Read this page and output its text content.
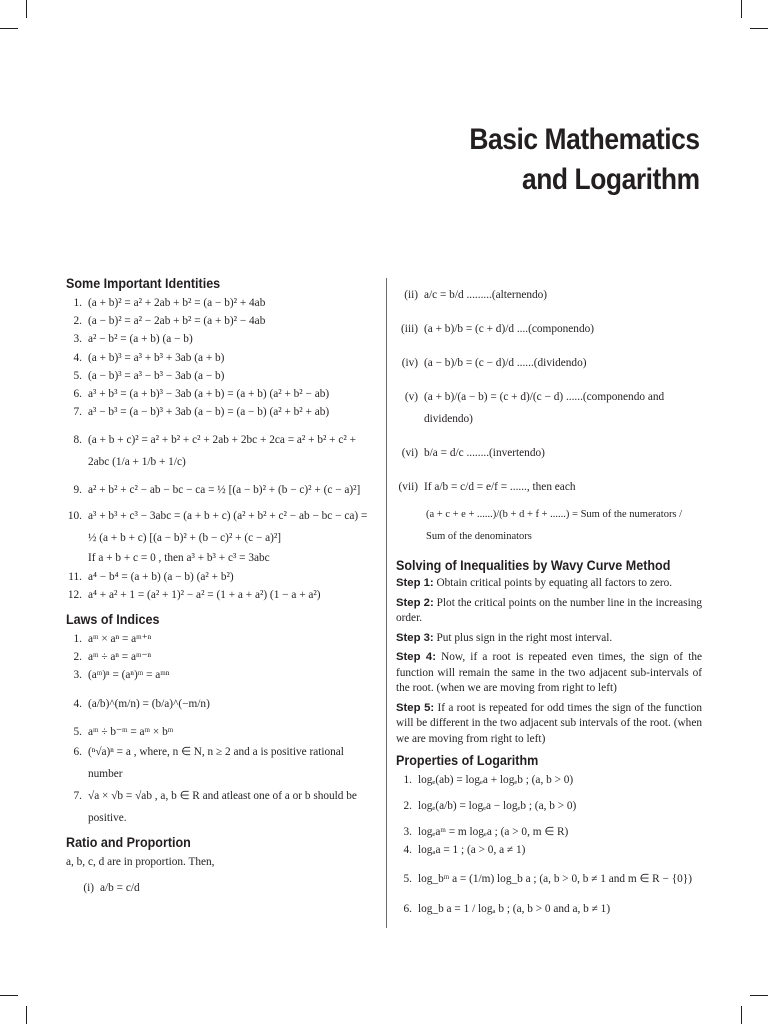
Basic Mathematics
and Logarithm
Some Important Identities
1. (a + b)² = a² + 2ab + b² = (a − b)² + 4ab
2. (a − b)² = a² − 2ab + b² = (a + b)² − 4ab
3. a² − b² = (a + b) (a − b)
4. (a + b)³ = a³ + b³ + 3ab (a + b)
5. (a − b)³ = a³ − b³ − 3ab (a − b)
6. a³ + b³ = (a + b)³ − 3ab (a + b) = (a + b) (a² + b² − ab)
7. a³ − b³ = (a − b)³ + 3ab (a − b) = (a − b) (a² + b² + ab)
8. (a + b + c)² = a² + b² + c² + 2ab + 2bc + 2ca = a² + b² + c² + 2abc (1/a + 1/b + 1/c)
9. a² + b² + c² − ab − bc − ca = ½ [(a − b)² + (b − c)² + (c − a)²]
10. a³ + b³ + c³ − 3abc = (a + b + c) (a² + b² + c² − ab − bc − ca) = ½ (a + b + c) [(a − b)² + (b − c)² + (c − a)²]
If a + b + c = 0 , then a³ + b³ + c³ = 3abc
11. a⁴ − b⁴ = (a + b) (a − b) (a² + b²)
12. a⁴ + a² + 1 = (a² + 1)² − a² = (1 + a + a²) (1 − a + a²)
Laws of Indices
1. aᵐ × aⁿ = aᵐ⁺ⁿ
2. aᵐ ÷ aⁿ = aᵐ⁻ⁿ
3. (aᵐ)ⁿ = (aⁿ)ᵐ = aᵐⁿ
4. (a/b)^(m/n) = (b/a)^(−m/n)
5. aᵐ ÷ b⁻ᵐ = aᵐ × bᵐ
6. (ⁿ√a)ⁿ = a , where, n ∈ N, n ≥ 2 and a is positive rational number
7. √a × √b = √ab , a, b ∈ R and atleast one of a or b should be positive.
Ratio and Proportion
a, b, c, d are in proportion. Then,
(i) a/b = c/d
(ii) a/c = b/d .........(alternendo)
(iii) (a + b)/b = (c + d)/d ....(componendo)
(iv) (a − b)/b = (c − d)/d ......(dividendo)
(v) (a + b)/(a − b) = (c + d)/(c − d) ......(componendo and dividendo)
(vi) b/a = d/c ........(invertendo)
(vii) If a/b = c/d = e/f = ......, then each
(a + c + e + ......)/(b + d + f + ......) = Sum of the numerators / Sum of the denominators
Solving of Inequalities by Wavy Curve Method

Step 1: Obtain critical points by equating all factors to zero.

Step 2: Plot the critical points on the number line in the increasing order.

Step 3: Put plus sign in the right most interval.

Step 4: Now, if a root is repeated even times, the sign of the function will remain the same in the two adjacent sub-intervals of the root. (when we are moving from right to left)

Step 5: If a root is repeated for odd times the sign of the function will be different in the two adjacent sub intervals of the root. (when we are moving from right to left)

Properties of Logarithm
1. logₑ(ab) = logₑa + logₑb ; (a, b > 0)
2. logₑ(a/b) = logₑa − logₑb ; (a, b > 0)
3. logₑaᵐ = m logₑa ; (a > 0, m ∈ R)
4. logₐa = 1 ; (a > 0, a ≠ 1)
5. log_bᵐ a = (1/m) log_b a ; (a, b > 0, b ≠ 1 and m ∈ R − {0})
6. log_b a = 1 / logₐ b ; (a, b > 0 and a, b ≠ 1)
